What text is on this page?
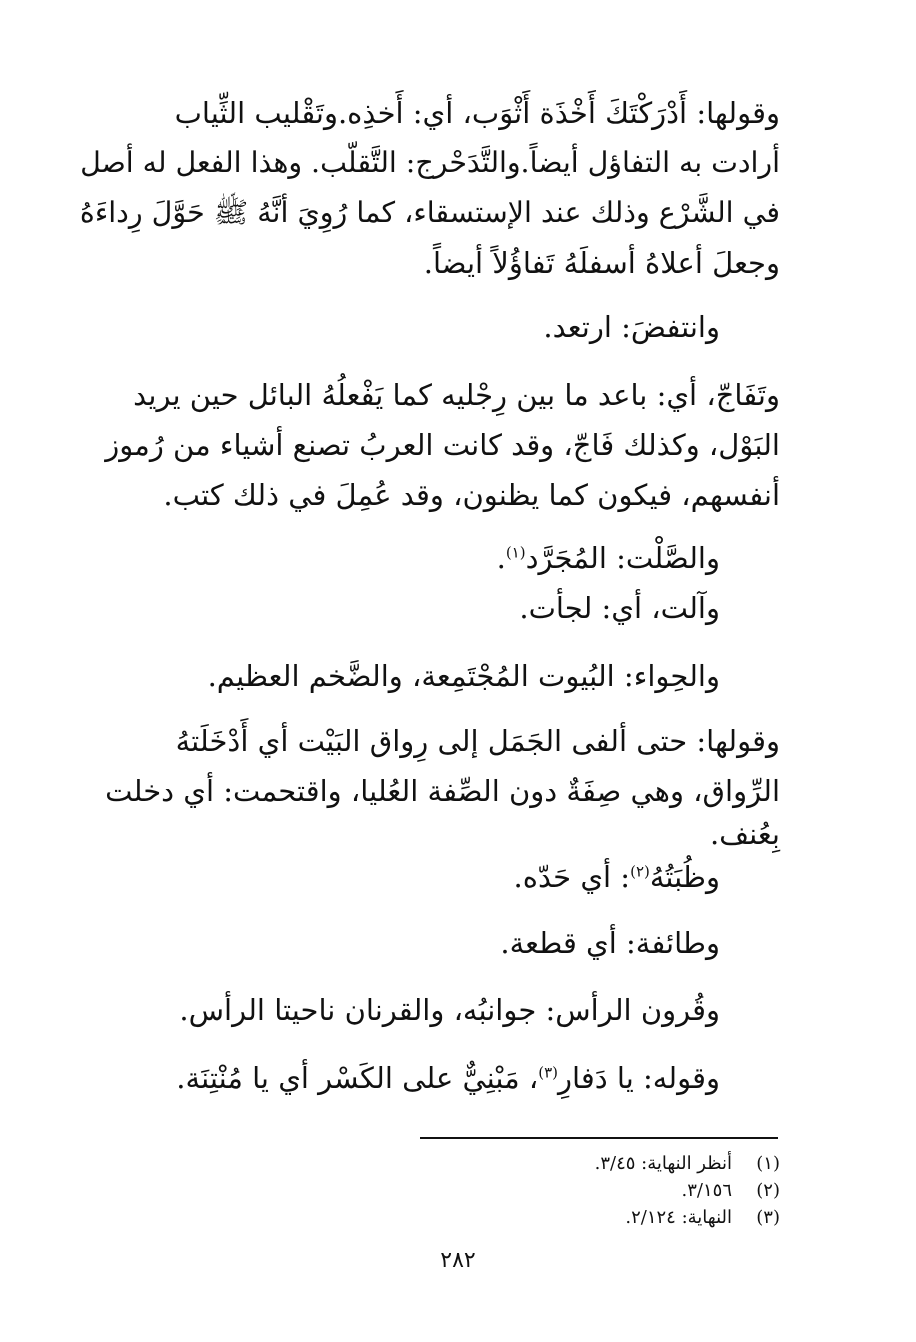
وقولها: أَدْرَكْتَكَ أَخْذَة أَثْوَب، أي: أَخذِه.وتَقْليب الثِّياب
أرادت به التفاؤل أيضاً.والتَّدَحْرج: التَّقلّب. وهذا الفعل له أصل
في الشَّرْع وذلك عند الإستسقاء، كما رُوِيَ أنَّهُ ﷺ حَوَّلَ رِداءَهُ
وجعلَ أعلاهُ أسفلَهُ تَفاؤُلاً أيضاً.

وانتفضَ: ارتعد.

وتَفَاجّ، أي: باعد ما بين رِجْليه كما يَفْعلُهُ البائل حين يريد
البَوْل، وكذلك فَاجّ، وقد كانت العربُ تصنع أشياء من رُموز
أنفسهم، فيكون كما يظنون، وقد عُمِلَ في ذلك كتب.

والصَّلْت: المُجَرَّد$^{(١)}$.

وآلت، أي: لجأت.

والحِواء: البُيوت المُجْتَمِعة، والضَّخم العظيم.

وقولها: حتى ألفى الجَمَل إلى رِواق البَيْت أي أَدْخَلَتهُ
الرِّواق، وهي صِفَةٌ دون الصِّفة العُليا، واقتحمت: أي دخلت
بِعُنف.

وظُبَتُهُ$^{(٢)}$: أي حَدّه.

وطائفة: أي قطعة.

وقُرون الرأس: جوانبُه، والقرنان ناحيتا الرأس.

وقوله: يا دَفارِ$^{(٣)}$، مَبْنِيٌّ على الكَسْر أي يا مُنْتِنَة.

(١)أنظر النهاية: ٣/٤٥.
(٢)٣/١٥٦.
(٣)النهاية: ٢/١٢٤.
٢٨٢
